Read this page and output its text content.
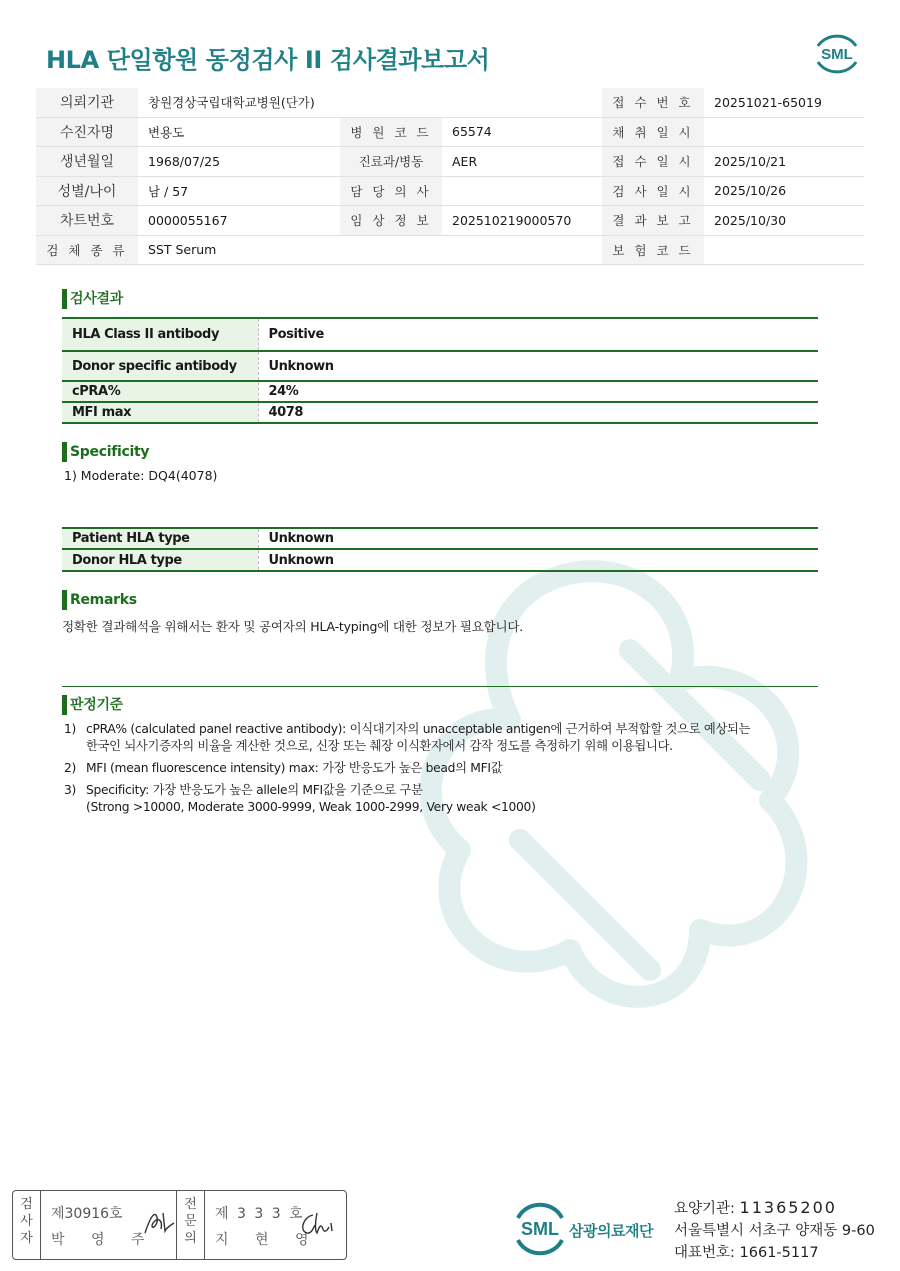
HLA 단일항원 동정검사 II 검사결과보고서	SML
의뢰기관	창원경상국립대학교병원(단가)			접 수 번 호	20251021-65019
수진자명	변용도	병 원 코 드	65574	채 취 일 시	
생년월일	1968/07/25	진료과/병동	AER	접 수 일 시	2025/10/21
성별/나이	남 / 57	담 당 의 사		검 사 일 시	2025/10/26
차트번호	0000055167	임 상 정 보	202510219000570	결 과 보 고	2025/10/30
검 체 종 류	SST Serum			보 험 코 드	
검사결과
HLA Class II antibody	Positive
Donor specific antibody	Unknown
cPRA%	24%
MFI max	4078
Specificity
1) Moderate: DQ4(4078)
Patient HLA type	Unknown
Donor HLA type	Unknown
Remarks
정확한 결과해석을 위해서는 환자 및 공여자의 HLA-typing에 대한 정보가 필요합니다.
판정기준
1) cPRA% (calculated panel reactive antibody): 이식대기자의 unacceptable antigen에 근거하여 부적합할 것으로 예상되는
한국인 뇌사기증자의 비율을 계산한 것으로, 신장 또는 췌장 이식환자에서 감작 정도를 측정하기 위해 이용됩니다.
2) MFI (mean fluorescence intensity) max: 가장 반응도가 높은 bead의 MFI값
3) Specificity: 가장 반응도가 높은 allele의 MFI값을 기준으로 구분
(Strong >10000, Moderate 3000-9999, Weak 1000-2999, Very weak <1000)
검
사
자
제30916호
박 영 주
전
문
의
제 3 3 3 호
지 현 영
SML 삼광의료재단
요양기관: 11365200
서울특별시 서초구 양재동 9-60
대표번호: 1661-5117
